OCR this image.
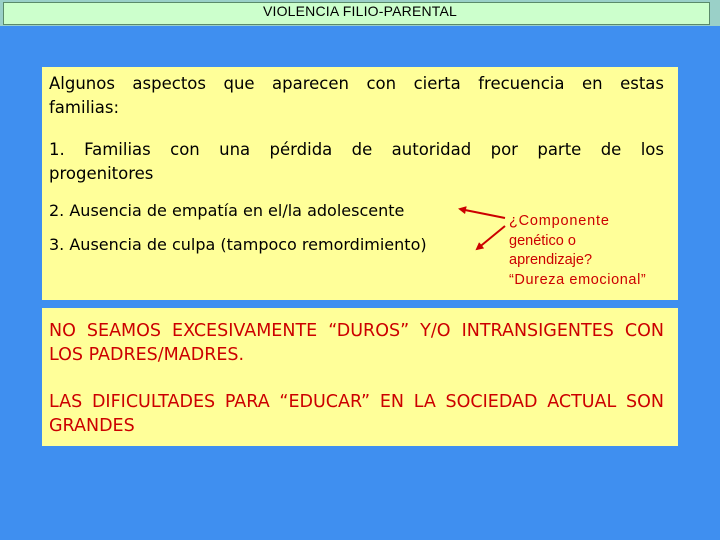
VIOLENCIA FILIO-PARENTAL
Algunos aspectos que aparecen con cierta frecuencia en estas familias:
1. Familias con una pérdida de autoridad por parte de los progenitores
2. Ausencia de empatía en el/la adolescente
3. Ausencia de culpa (tampoco remordimiento)
¿Componente
genético o
aprendizaje?
“Dureza emocional”
NO SEAMOS EXCESIVAMENTE “DUROS” Y/O INTRANSIGENTES CON LOS PADRES/MADRES.
LAS DIFICULTADES PARA “EDUCAR” EN LA SOCIEDAD ACTUAL SON GRANDES
